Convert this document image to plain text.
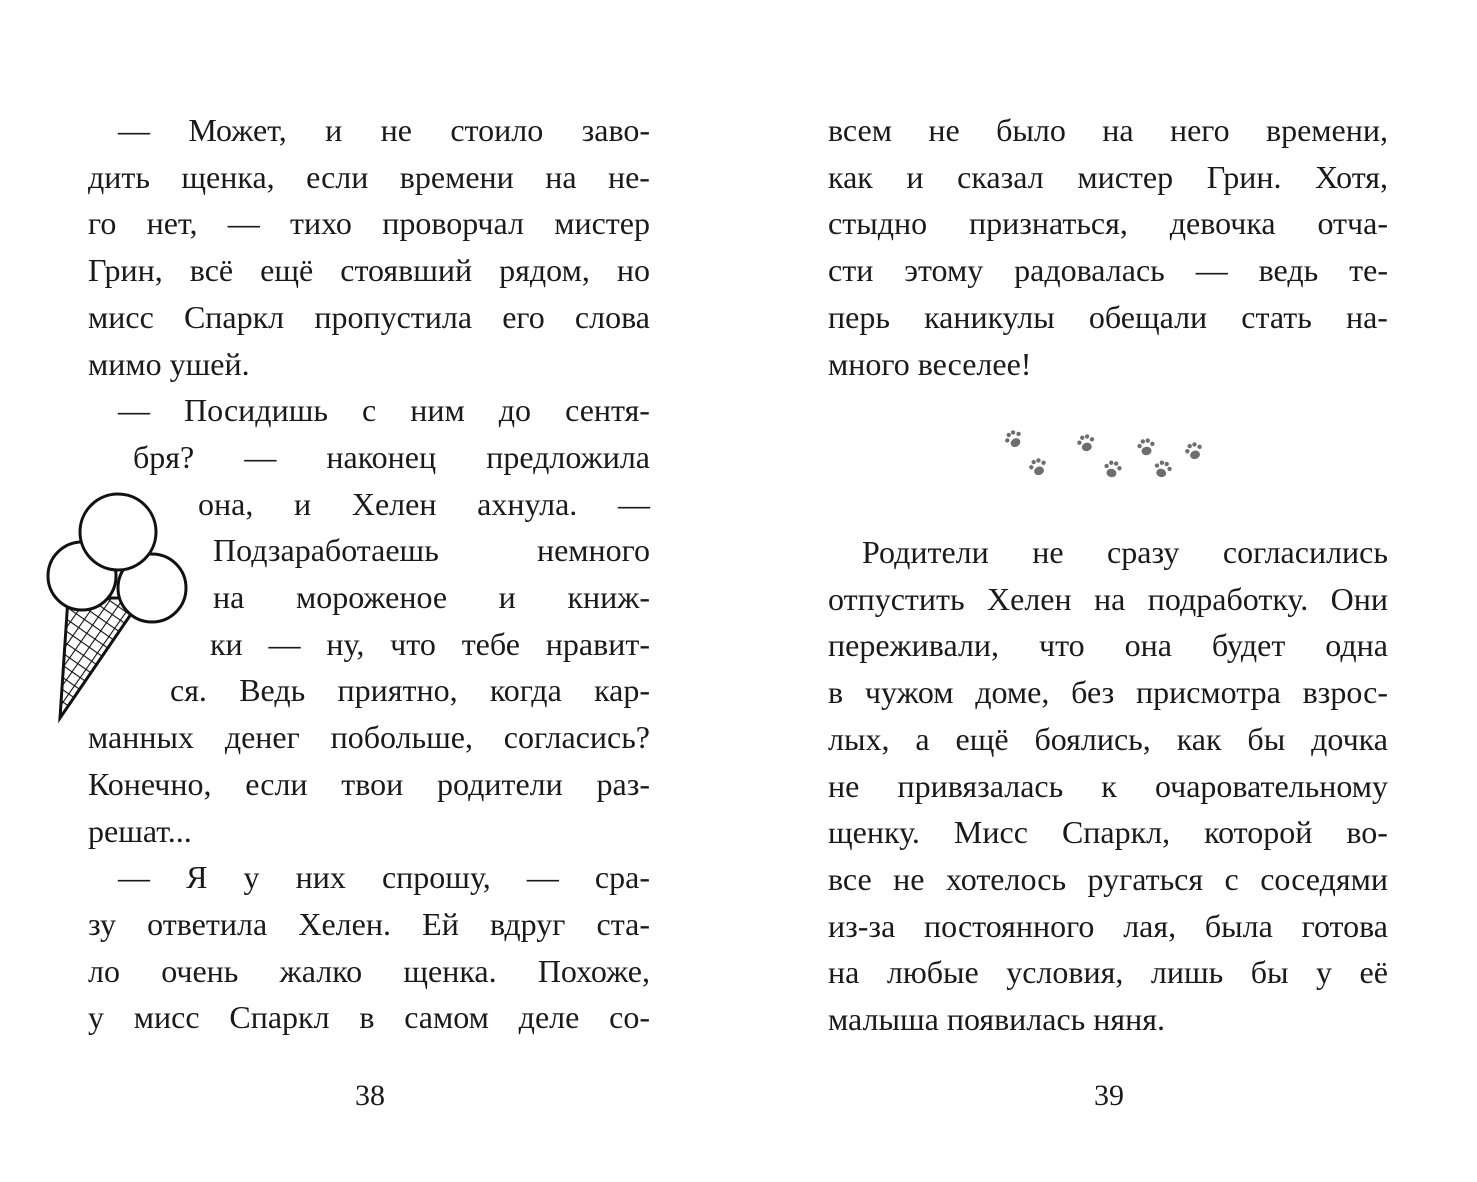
— Может, и не стоило заво-
дить щенка, если времени на не-
го нет, — тихо проворчал мистер
Грин, всё ещё стоявший рядом, но
мисс Спаркл пропустила его слова
мимо ушей.
— Посидишь с ним до сентя-
бря? — наконец предложила
она, и Хелен ахнула. —
Подзаработаешь	немного
на мороженое и книж-
ки — ну, что тебе нравит-
ся. Ведь приятно, когда кар-
манных денег побольше, согласись?
Конечно, если твои родители раз-
решат...
— Я у них спрошу, — сра-
зу ответила Хелен. Ей вдруг ста-
ло очень жалко щенка. Похоже,
у мисс Спаркл в самом деле со-
38
всем не было на него времени,
как и сказал мистер Грин. Хотя,
стыдно признаться, девочка отча-
сти этому радовалась — ведь те-
перь каникулы обещали стать на-
много веселее!
Родители не сразу согласились
отпустить Хелен на подработку. Они
переживали, что она будет одна
в чужом доме, без присмотра взрос-
лых, а ещё боялись, как бы дочка
не привязалась к очаровательному
щенку. Мисс Спаркл, которой во-
все не хотелось ругаться с соседями
из-за постоянного лая, была готова
на любые условия, лишь бы у её
малыша появилась няня.
39
